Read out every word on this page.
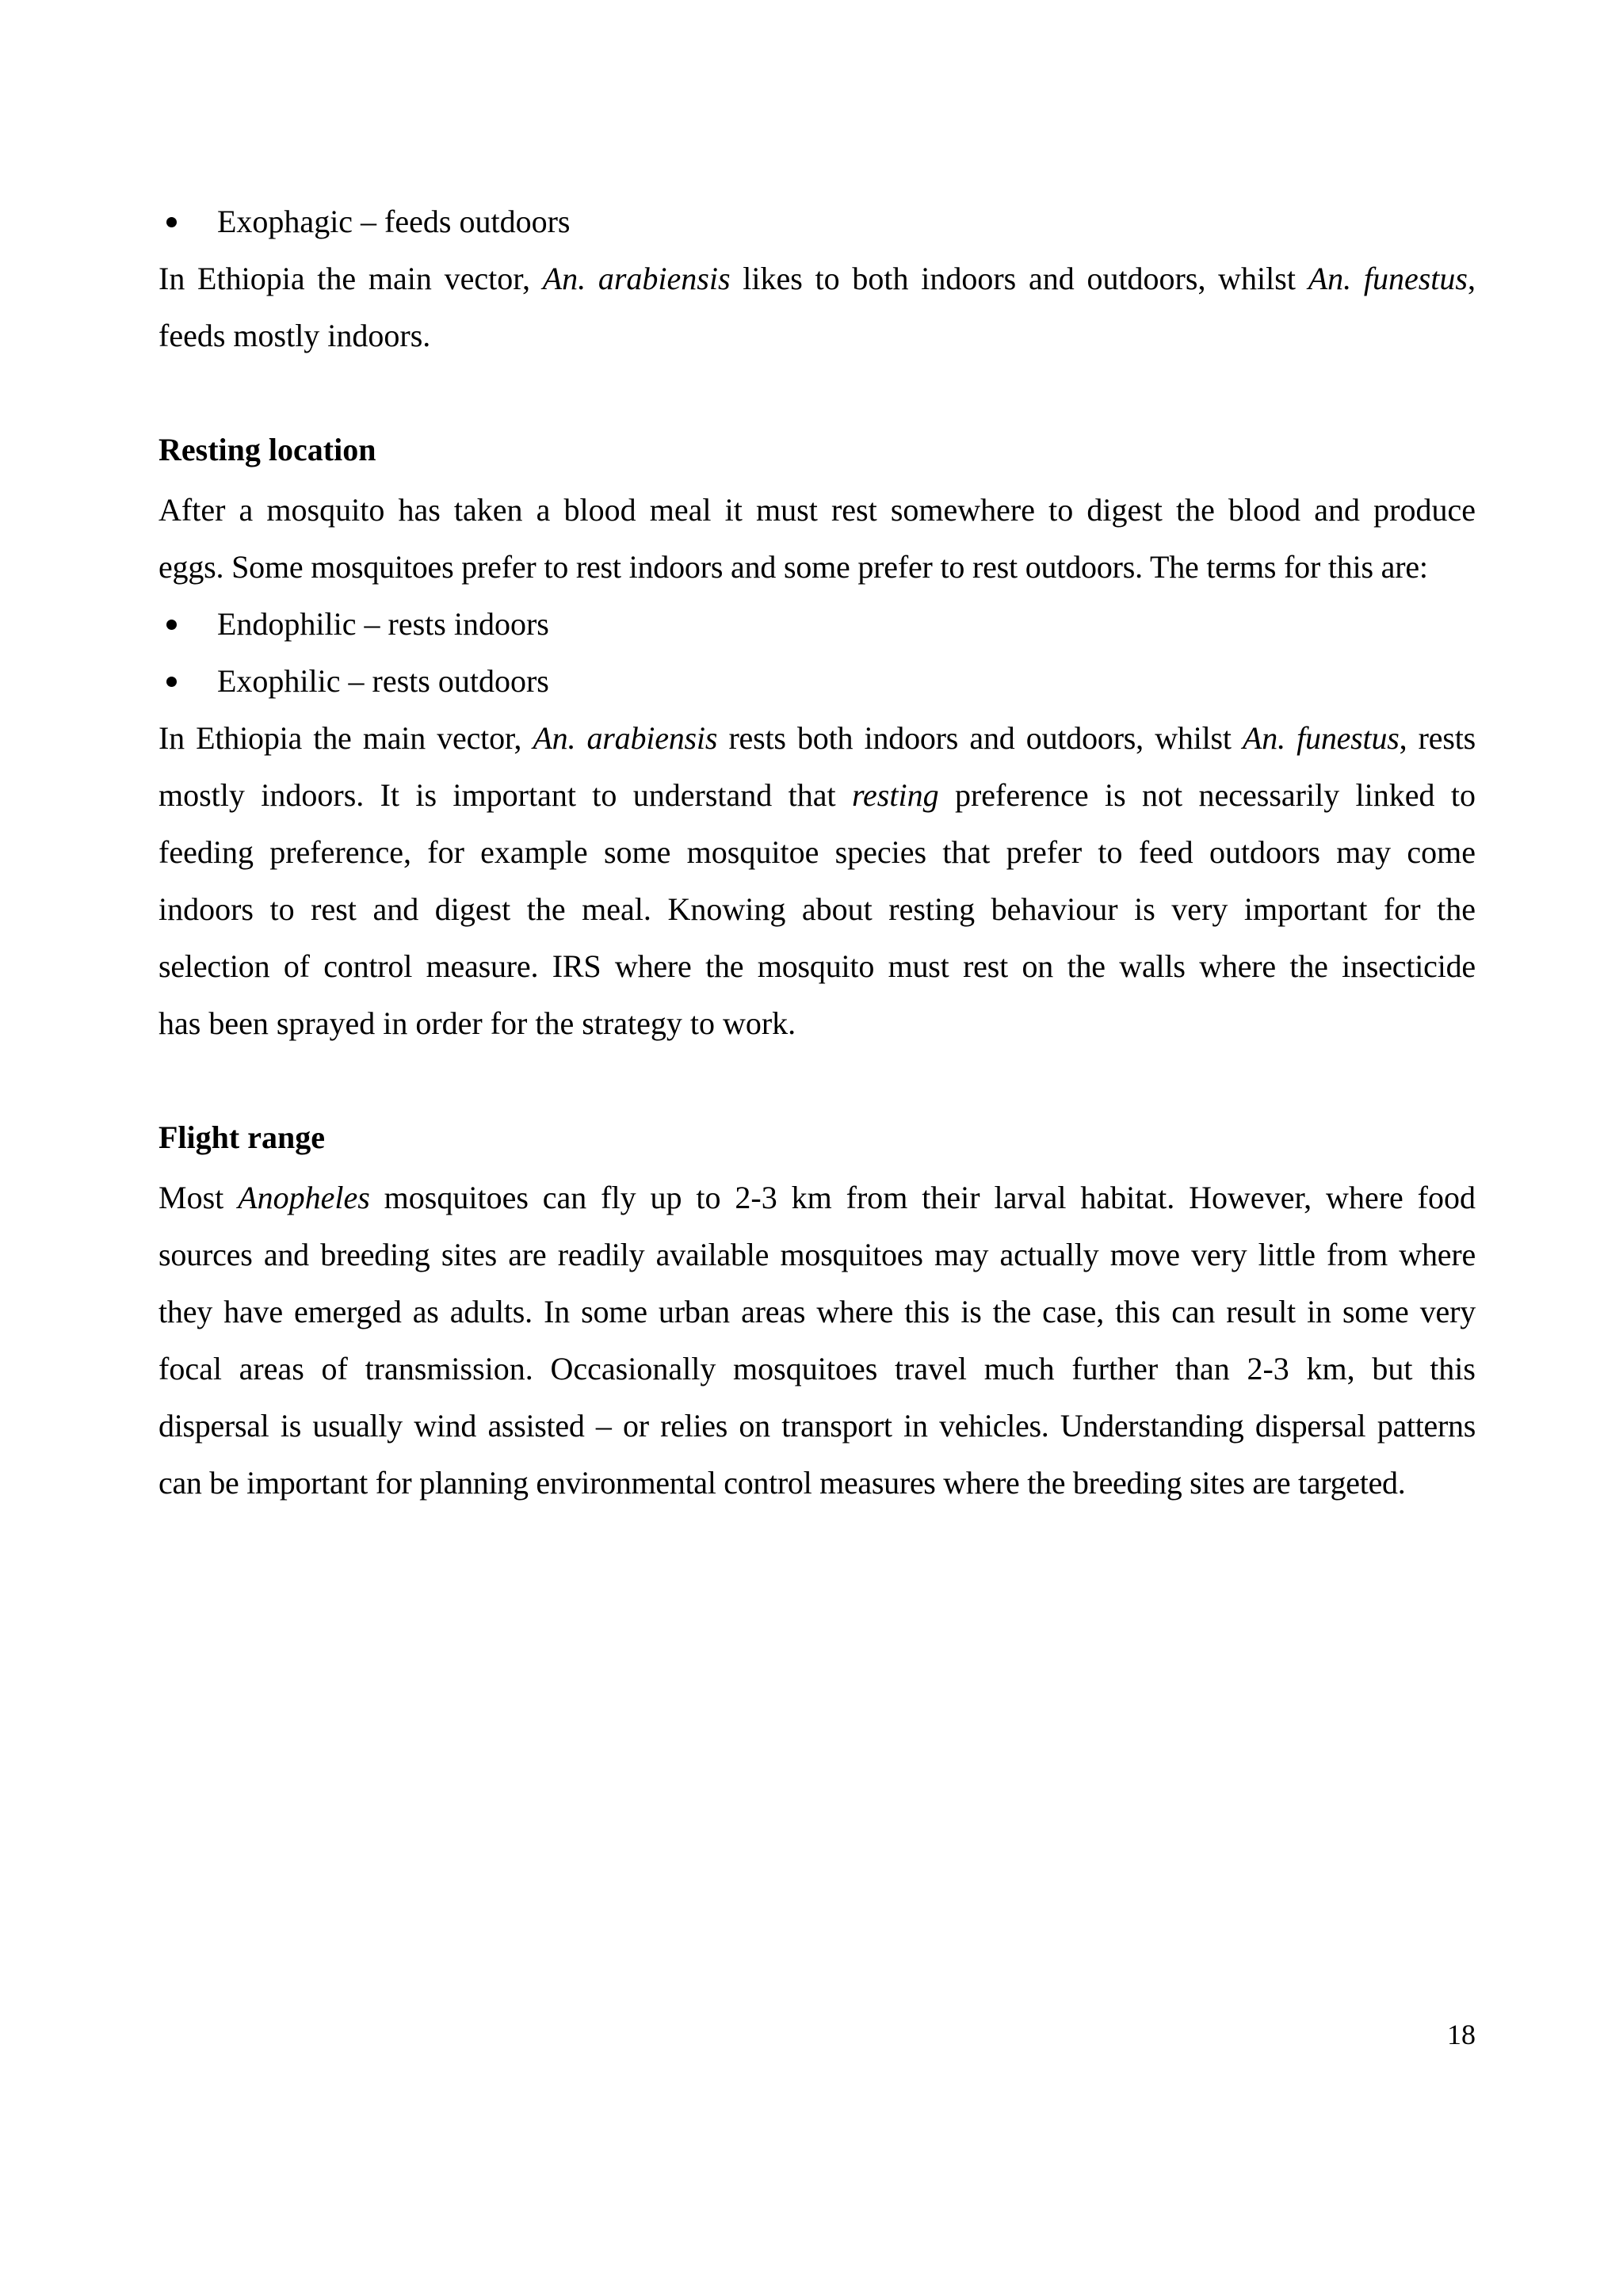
Exophagic – feeds outdoors

In Ethiopia the main vector, An. arabiensis likes to both indoors and outdoors, whilst An. funestus,

feeds mostly indoors.

Resting location

After a mosquito has taken a blood meal it must rest somewhere to digest the blood and produce

eggs. Some mosquitoes prefer to rest indoors and some prefer to rest outdoors. The terms for this are:

Endophilic – rests indoors
Exophilic – rests outdoors

In Ethiopia the main vector, An. arabiensis rests both indoors and outdoors, whilst An. funestus, rests

mostly indoors. It is important to understand that resting preference is not necessarily linked to

feeding preference, for example some mosquitoe species that prefer to feed outdoors may come

indoors to rest and digest the meal. Knowing about resting behaviour is very important for the

selection of control measure. IRS where the mosquito must rest on the walls where the insecticide

has been sprayed in order for the strategy to work.

Flight range

Most Anopheles mosquitoes can fly up to 2-3 km from their larval habitat. However, where food

sources and breeding sites are readily available mosquitoes may actually move very little from where

they have emerged as adults. In some urban areas where this is the case, this can result in some very

focal areas of transmission. Occasionally mosquitoes travel much further than 2-3 km, but this

dispersal is usually wind assisted – or relies on transport in vehicles. Understanding dispersal patterns

can be important for planning environmental control measures where the breeding sites are targeted.

18
